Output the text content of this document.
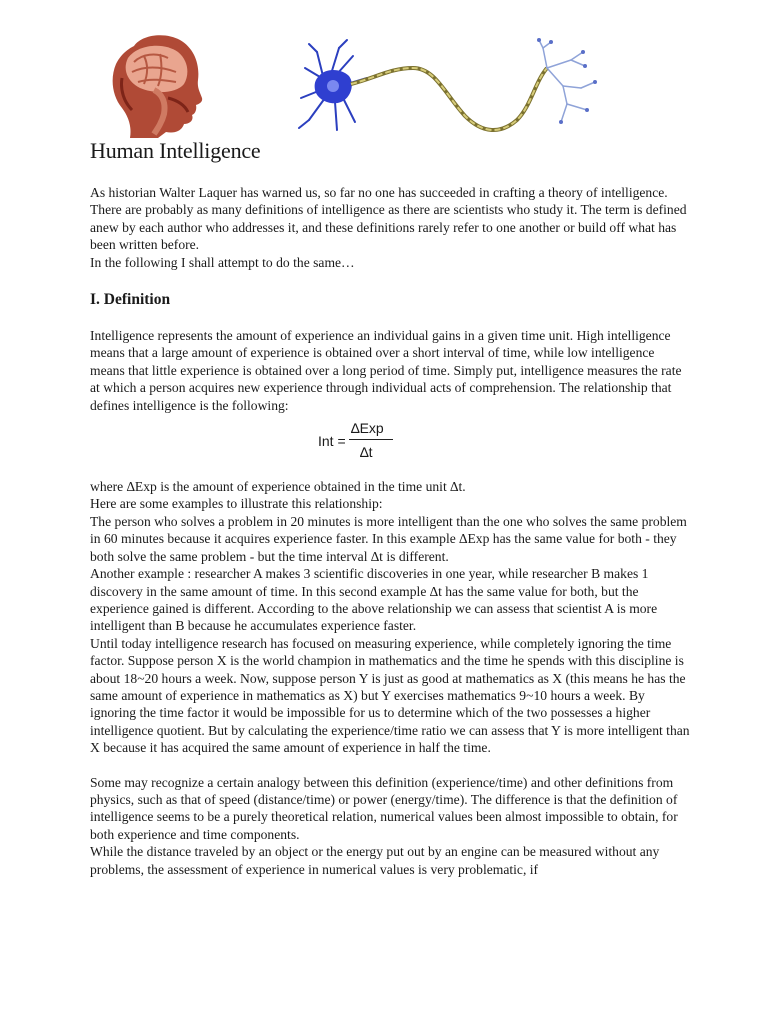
Human Intelligence

As historian Walter Laquer has warned us, so far no one has succeeded in crafting a theory of intelligence. There are probably as many definitions of intelligence as there are scientists who study it. The term is defined anew by each author who addresses it, and these definitions rarely refer to one another or build off what has been written before.

In the following I shall attempt to do the same…

I. Definition

Intelligence represents the amount of experience an individual gains in a given time unit. High intelligence means that a large amount of experience is obtained over a short interval of time, while low intelligence means that little experience is obtained over a long period of time. Simply put, intelligence measures the rate at which a person acquires new experience through individual acts of comprehension. The relationship that defines intelligence is the following:

Int =
∆Exp
∆t

where ∆Exp is the amount of experience obtained in the time unit ∆t.

Here are some examples to illustrate this relationship:

The person who solves a problem in 20 minutes is more intelligent than the one who solves the same problem in 60 minutes because it acquires experience faster. In this example ∆Exp has the same value for both - they both solve the same problem - but the time interval ∆t is different.

Another example : researcher A makes 3 scientific discoveries in one year, while researcher B makes 1 discovery in the same amount of time. In this second example ∆t has the same value for both, but the experience gained is different. According to the above relationship we can assess that scientist A is more intelligent than B because he accumulates experience faster.

Until today intelligence research has focused on measuring experience, while completely ignoring the time factor. Suppose person X is the world champion in mathematics and the time he spends with this discipline is about 18~20 hours a week. Now, suppose person Y is just as good at mathematics as X (this means he has the same amount of experience in mathematics as X) but Y exercises mathematics 9~10 hours a week. By ignoring the time factor it would be impossible for us to determine which of the two possesses a higher intelligence quotient. But by calculating the experience/time ratio we can assess that Y is more intelligent than X because it has acquired the same amount of experience in half the time.

Some may recognize a certain analogy between this definition (experience/time) and other definitions from physics, such as that of speed (distance/time) or power (energy/time). The difference is that the definition of intelligence seems to be a purely theoretical relation, numerical values been almost impossible to obtain, for both experience and time components.

While the distance traveled by an object or the energy put out by an engine can be measured without any problems, the assessment of experience in numerical values is very problematic, if
